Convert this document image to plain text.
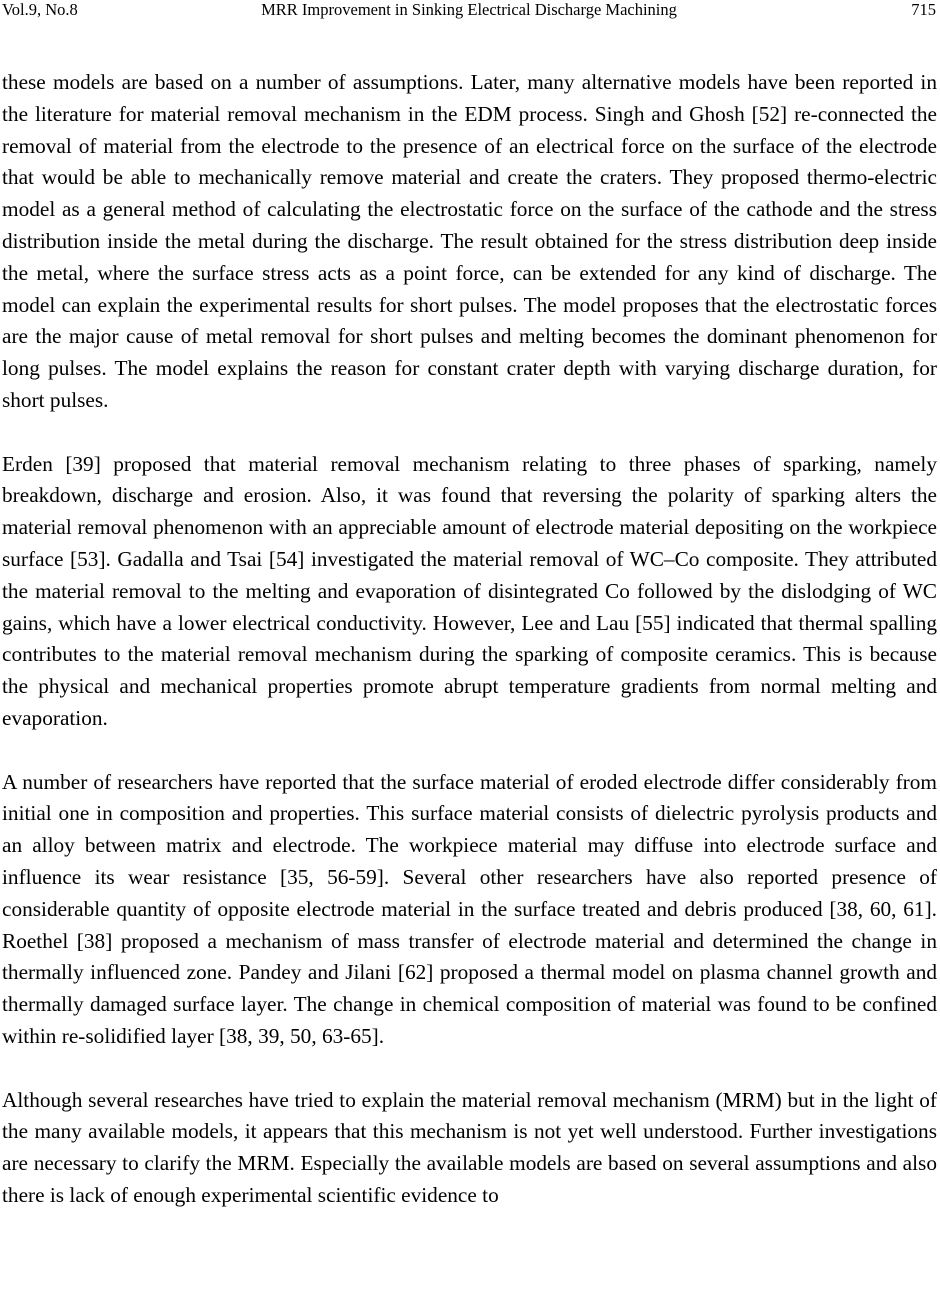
Vol.9, No.8	MRR Improvement in Sinking Electrical Discharge Machining	715

these models are based on a number of assumptions. Later, many alternative models have been reported in the literature for material removal mechanism in the EDM process. Singh and Ghosh [52] re-connected the removal of material from the electrode to the presence of an electrical force on the surface of the electrode that would be able to mechanically remove material and create the craters. They proposed thermo-electric model as a general method of calculating the electrostatic force on the surface of the cathode and the stress distribution inside the metal during the discharge. The result obtained for the stress distribution deep inside the metal, where the surface stress acts as a point force, can be extended for any kind of discharge. The model can explain the experimental results for short pulses. The model proposes that the electrostatic forces are the major cause of metal removal for short pulses and melting becomes the dominant phenomenon for long pulses. The model explains the reason for constant crater depth with varying discharge duration, for short pulses.

Erden [39] proposed that material removal mechanism relating to three phases of sparking, namely breakdown, discharge and erosion. Also, it was found that reversing the polarity of sparking alters the material removal phenomenon with an appreciable amount of electrode material depositing on the workpiece surface [53]. Gadalla and Tsai [54] investigated the material removal of WC–Co composite. They attributed the material removal to the melting and evaporation of disintegrated Co followed by the dislodging of WC gains, which have a lower electrical conductivity. However, Lee and Lau [55] indicated that thermal spalling contributes to the material removal mechanism during the sparking of composite ceramics. This is because the physical and mechanical properties promote abrupt temperature gradients from normal melting and evaporation.

A number of researchers have reported that the surface material of eroded electrode differ considerably from initial one in composition and properties. This surface material consists of dielectric pyrolysis products and an alloy between matrix and electrode. The workpiece material may diffuse into electrode surface and influence its wear resistance [35, 56-59]. Several other researchers have also reported presence of considerable quantity of opposite electrode material in the surface treated and debris produced [38, 60, 61]. Roethel [38] proposed a mechanism of mass transfer of electrode material and determined the change in thermally influenced zone. Pandey and Jilani [62] proposed a thermal model on plasma channel growth and thermally damaged surface layer. The change in chemical composition of material was found to be confined within re-solidified layer [38, 39, 50, 63-65].

Although several researches have tried to explain the material removal mechanism (MRM) but in the light of the many available models, it appears that this mechanism is not yet well understood. Further investigations are necessary to clarify the MRM. Especially the available models are based on several assumptions and also there is lack of enough experimental scientific evidence to
